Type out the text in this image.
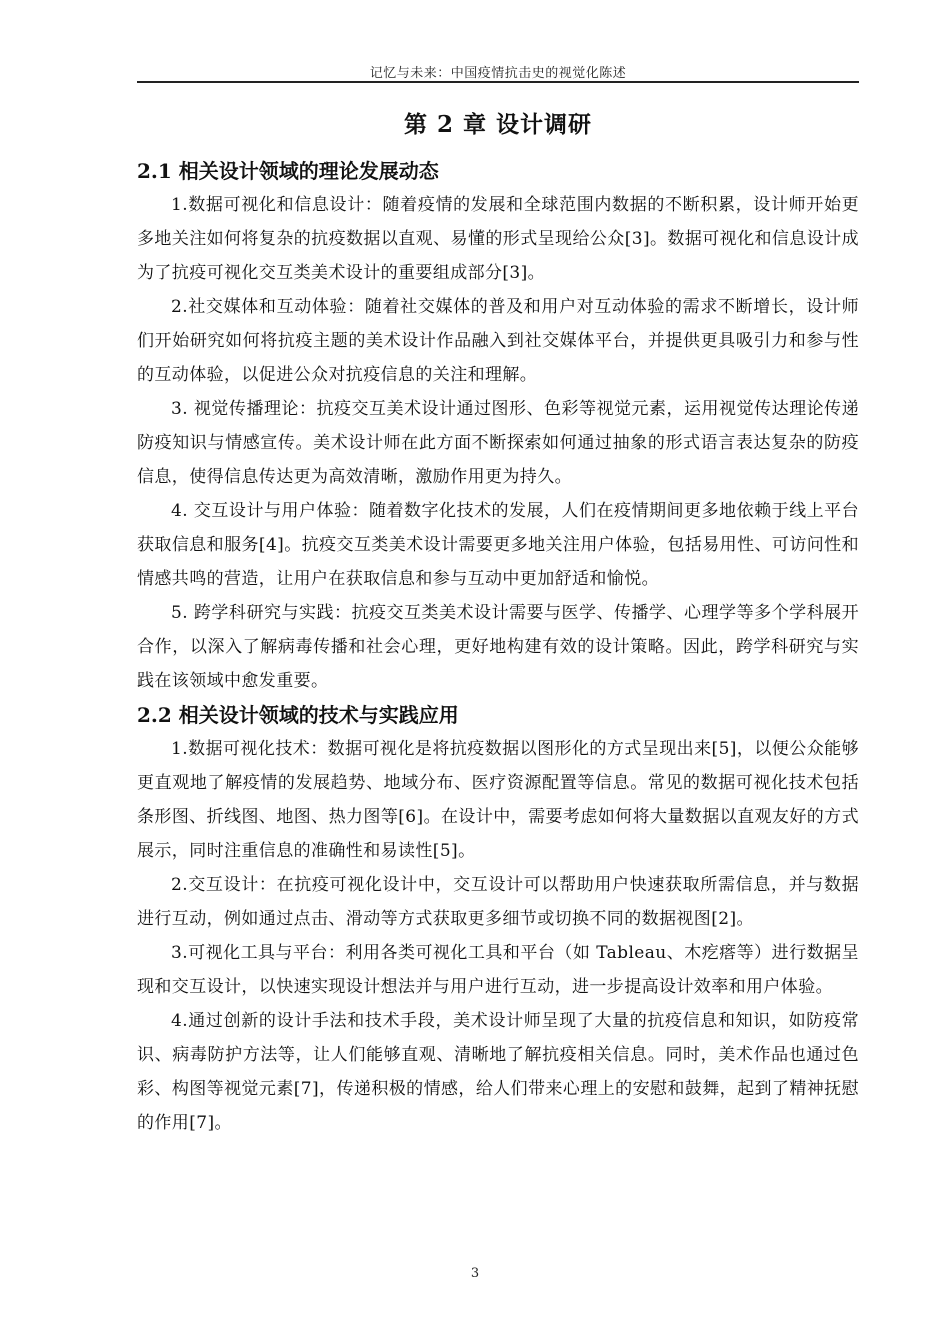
记忆与未来：中国疫情抗击史的视觉化陈述
第 2 章 设计调研
2.1 相关设计领域的理论发展动态

1.数据可视化和信息设计：随着疫情的发展和全球范围内数据的不断积累，设计师开始更多地关注如何将复杂的抗疫数据以直观、易懂的形式呈现给公众[3]。数据可视化和信息设计成为了抗疫可视化交互类美术设计的重要组成部分[3]。

2.社交媒体和互动体验：随着社交媒体的普及和用户对互动体验的需求不断增长，设计师们开始研究如何将抗疫主题的美术设计作品融入到社交媒体平台，并提供更具吸引力和参与性的互动体验，以促进公众对抗疫信息的关注和理解。

3. 视觉传播理论：抗疫交互美术设计通过图形、色彩等视觉元素，运用视觉传达理论传递防疫知识与情感宣传。美术设计师在此方面不断探索如何通过抽象的形式语言表达复杂的防疫信息，使得信息传达更为高效清晰，激励作用更为持久。

4. 交互设计与用户体验：随着数字化技术的发展，人们在疫情期间更多地依赖于线上平台获取信息和服务[4]。抗疫交互类美术设计需要更多地关注用户体验，包括易用性、可访问性和情感共鸣的营造，让用户在获取信息和参与互动中更加舒适和愉悦。

5. 跨学科研究与实践：抗疫交互类美术设计需要与医学、传播学、心理学等多个学科展开合作，以深入了解病毒传播和社会心理，更好地构建有效的设计策略。因此，跨学科研究与实践在该领域中愈发重要。

2.2 相关设计领域的技术与实践应用

1.数据可视化技术：数据可视化是将抗疫数据以图形化的方式呈现出来[5]，以便公众能够更直观地了解疫情的发展趋势、地域分布、医疗资源配置等信息。常见的数据可视化技术包括条形图、折线图、地图、热力图等[6]。在设计中，需要考虑如何将大量数据以直观友好的方式展示，同时注重信息的准确性和易读性[5]。

2.交互设计：在抗疫可视化设计中，交互设计可以帮助用户快速获取所需信息，并与数据进行互动，例如通过点击、滑动等方式获取更多细节或切换不同的数据视图[2]。

3.可视化工具与平台：利用各类可视化工具和平台（如 Tableau、木疙瘩等）进行数据呈现和交互设计，以快速实现设计想法并与用户进行互动，进一步提高设计效率和用户体验。

4.通过创新的设计手法和技术手段，美术设计师呈现了大量的抗疫信息和知识，如防疫常识、病毒防护方法等，让人们能够直观、清晰地了解抗疫相关信息。同时，美术作品也通过色彩、构图等视觉元素[7]，传递积极的情感，给人们带来心理上的安慰和鼓舞，起到了精神抚慰的作用[7]。

3
